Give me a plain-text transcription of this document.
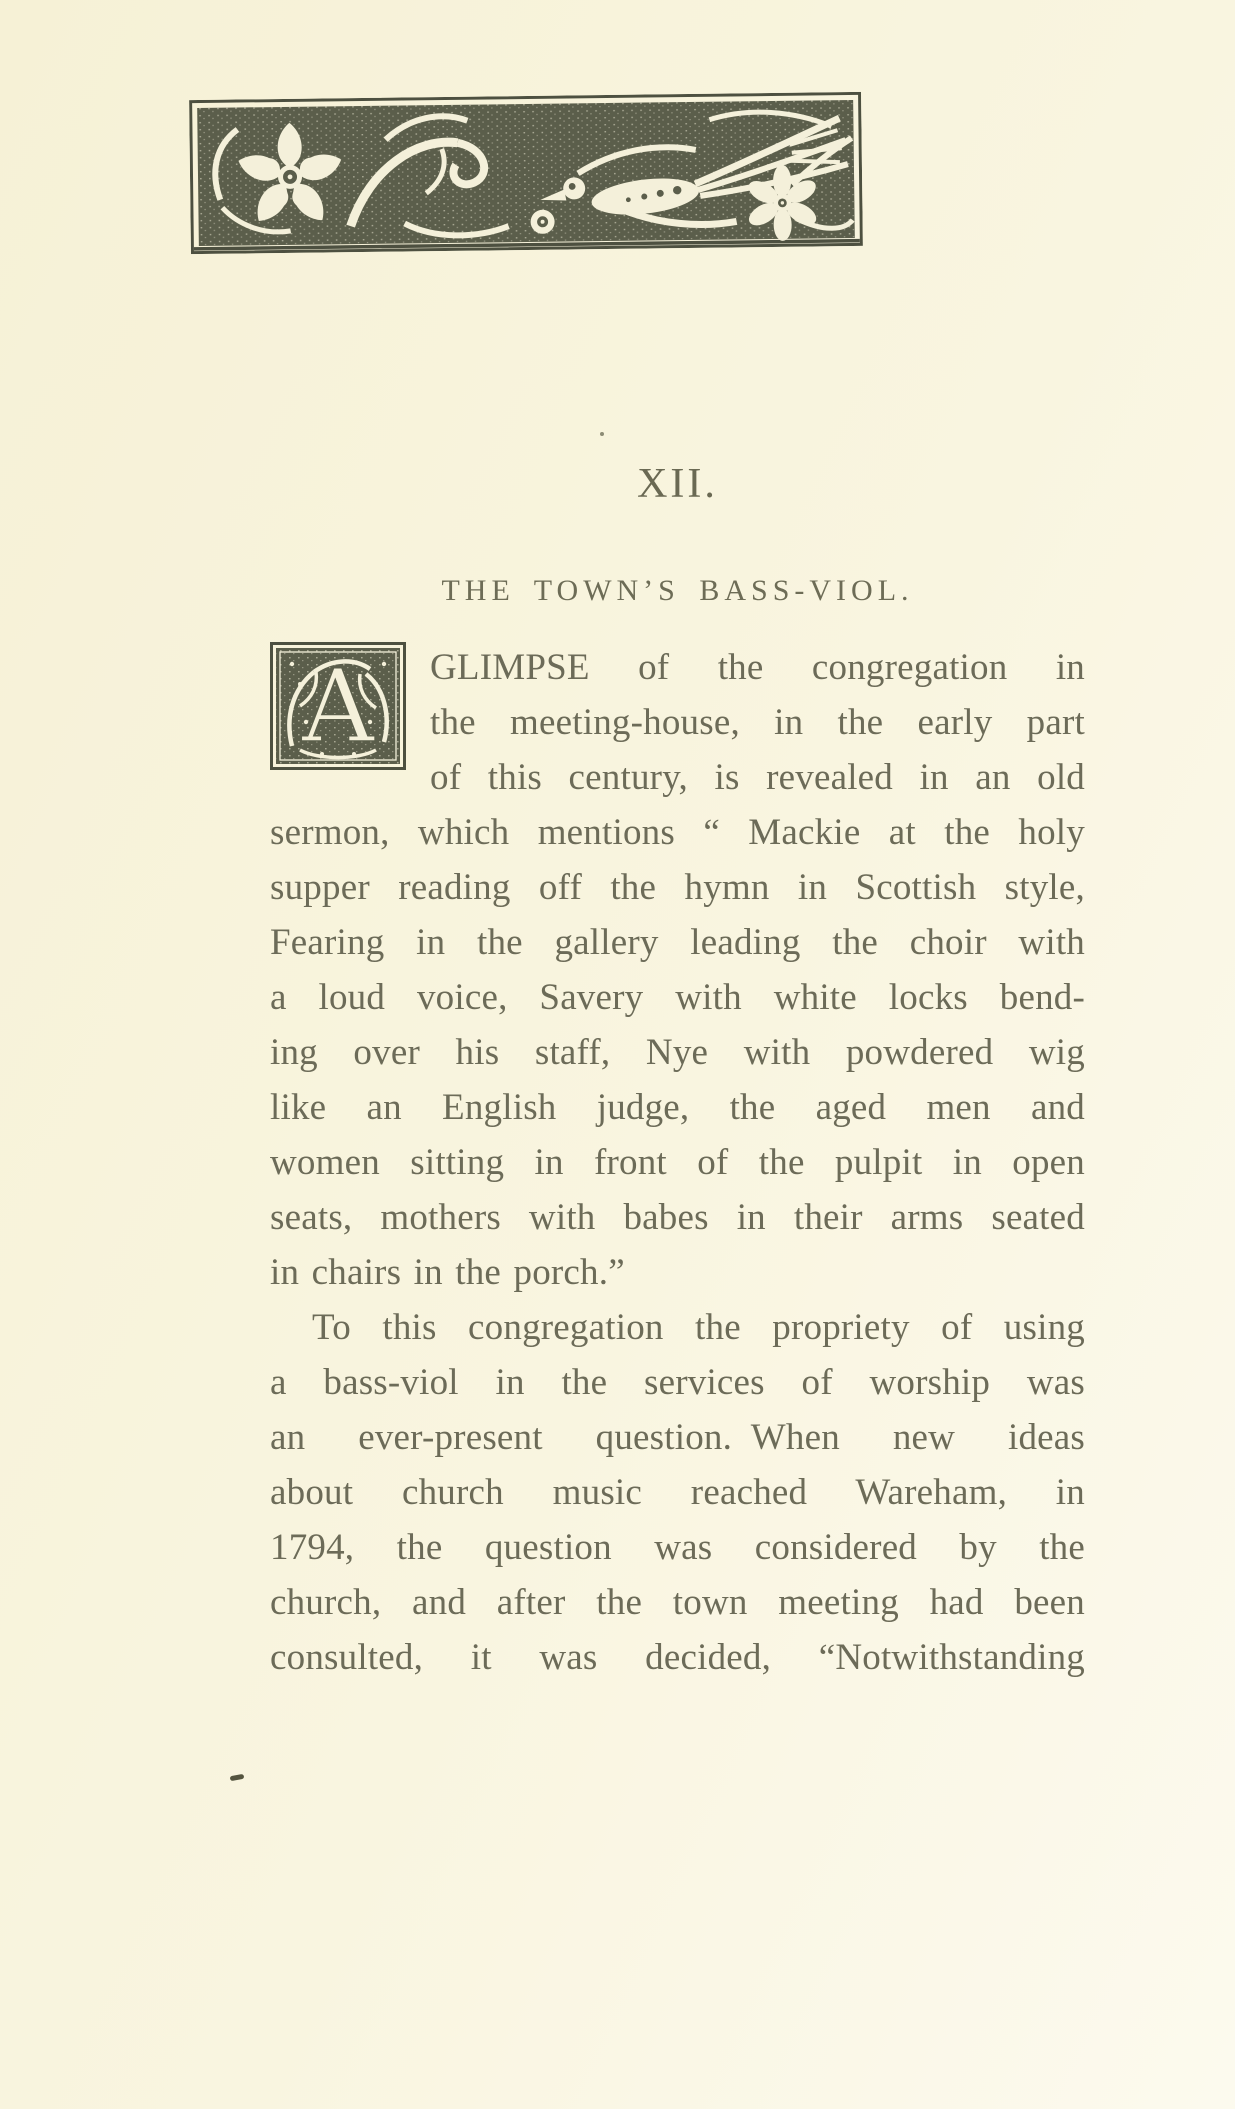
XII.
THE TOWN’S BASS-VIOL.
A	GLIMPSE of the congregation in
the meeting-house, in the early part
of this century, is revealed in an old
sermon, which mentions “ Mackie at the holy
supper reading off the hymn in Scottish style,
Fearing in the gallery leading the choir with
a loud voice, Savery with white locks bend-
ing over his staff, Nye with powdered wig
like an English judge, the aged men and
women sitting in front of the pulpit in open
seats, mothers with babes in their arms seated
in chairs in the porch.”
To this congregation the propriety of using
a bass-viol in the services of worship was
an ever-present question. When new ideas
about church music reached Wareham, in
1794, the question was considered by the
church, and after the town meeting had been
consulted, it was decided, “Notwithstanding
